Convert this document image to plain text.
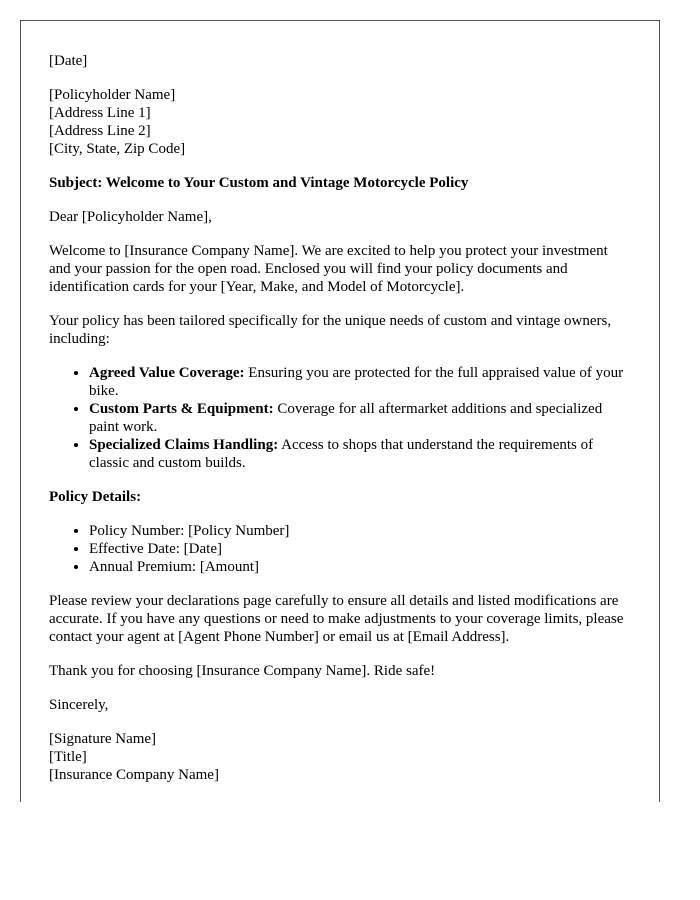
[Date]

[Policyholder Name]
[Address Line 1]
[Address Line 2]
[City, State, Zip Code]

Subject: Welcome to Your Custom and Vintage Motorcycle Policy

Dear [Policyholder Name],

Welcome to [Insurance Company Name]. We are excited to help you protect your investment and your passion for the open road. Enclosed you will find your policy documents and identification cards for your [Year, Make, and Model of Motorcycle].

Your policy has been tailored specifically for the unique needs of custom and vintage owners, including:

• Agreed Value Coverage: Ensuring you are protected for the full appraised value of your bike.
• Custom Parts & Equipment: Coverage for all aftermarket additions and specialized paint work.
• Specialized Claims Handling: Access to shops that understand the requirements of classic and custom builds.

Policy Details:

• Policy Number: [Policy Number]
• Effective Date: [Date]
• Annual Premium: [Amount]

Please review your declarations page carefully to ensure all details and listed modifications are accurate. If you have any questions or need to make adjustments to your coverage limits, please contact your agent at [Agent Phone Number] or email us at [Email Address].

Thank you for choosing [Insurance Company Name]. Ride safe!

Sincerely,

[Signature Name]
[Title]
[Insurance Company Name]
